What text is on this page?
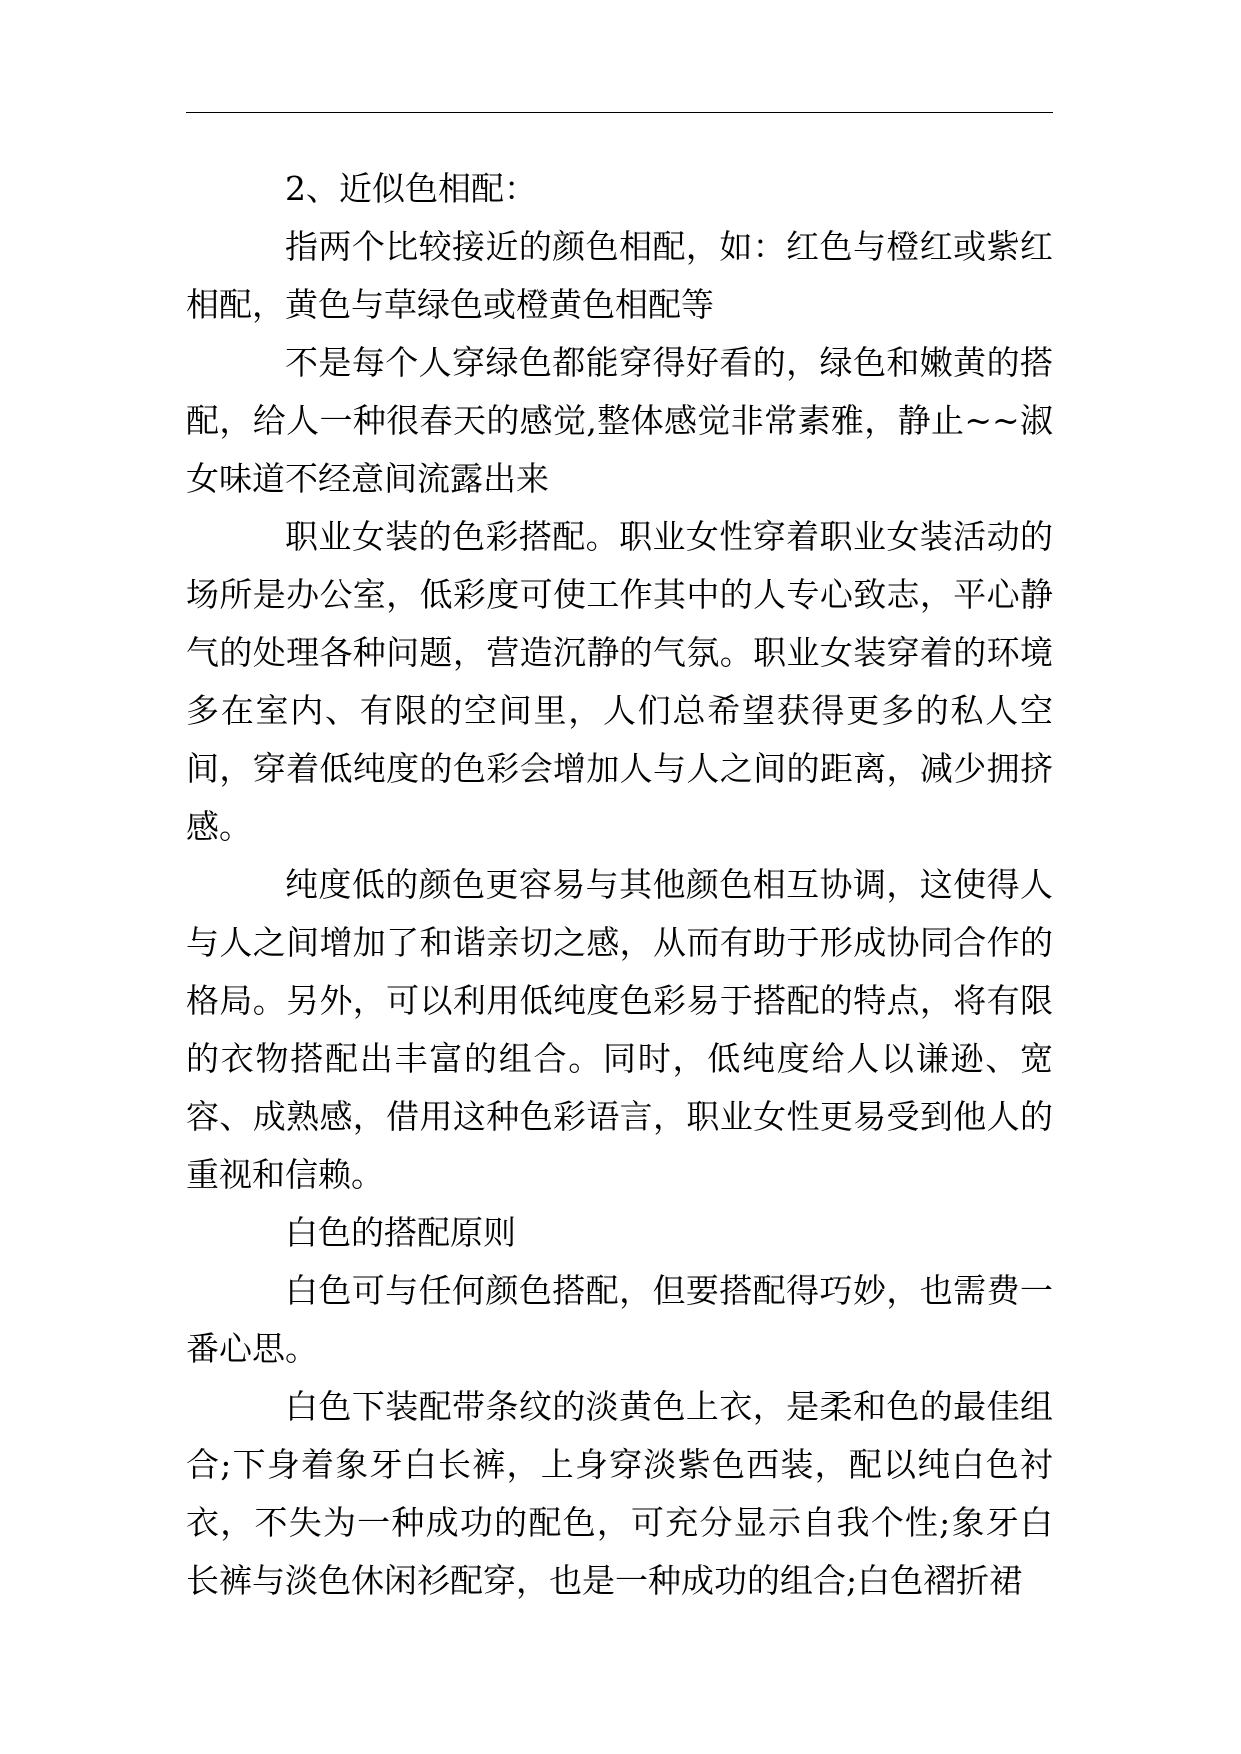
2、近似色相配：

指两个比较接近的颜色相配，如：红色与橙红或紫红相配，黄色与草绿色或橙黄色相配等

不是每个人穿绿色都能穿得好看的，绿色和嫩黄的搭配，给人一种很春天的感觉,整体感觉非常素雅，静止~~淑女味道不经意间流露出来

职业女装的色彩搭配。职业女性穿着职业女装活动的场所是办公室，低彩度可使工作其中的人专心致志，平心静气的处理各种问题，营造沉静的气氛。职业女装穿着的环境多在室内、有限的空间里，人们总希望获得更多的私人空间，穿着低纯度的色彩会增加人与人之间的距离，减少拥挤感。

纯度低的颜色更容易与其他颜色相互协调，这使得人与人之间增加了和谐亲切之感，从而有助于形成协同合作的格局。另外，可以利用低纯度色彩易于搭配的特点，将有限的衣物搭配出丰富的组合。同时，低纯度给人以谦逊、宽容、成熟感，借用这种色彩语言，职业女性更易受到他人的重视和信赖。

白色的搭配原则

白色可与任何颜色搭配，但要搭配得巧妙，也需费一番心思。

白色下装配带条纹的淡黄色上衣，是柔和色的最佳组合;下身着象牙白长裤，上身穿淡紫色西装，配以纯白色衬衣，不失为一种成功的配色，可充分显示自我个性;象牙白长裤与淡色休闲衫配穿，也是一种成功的组合;白色褶折裙
